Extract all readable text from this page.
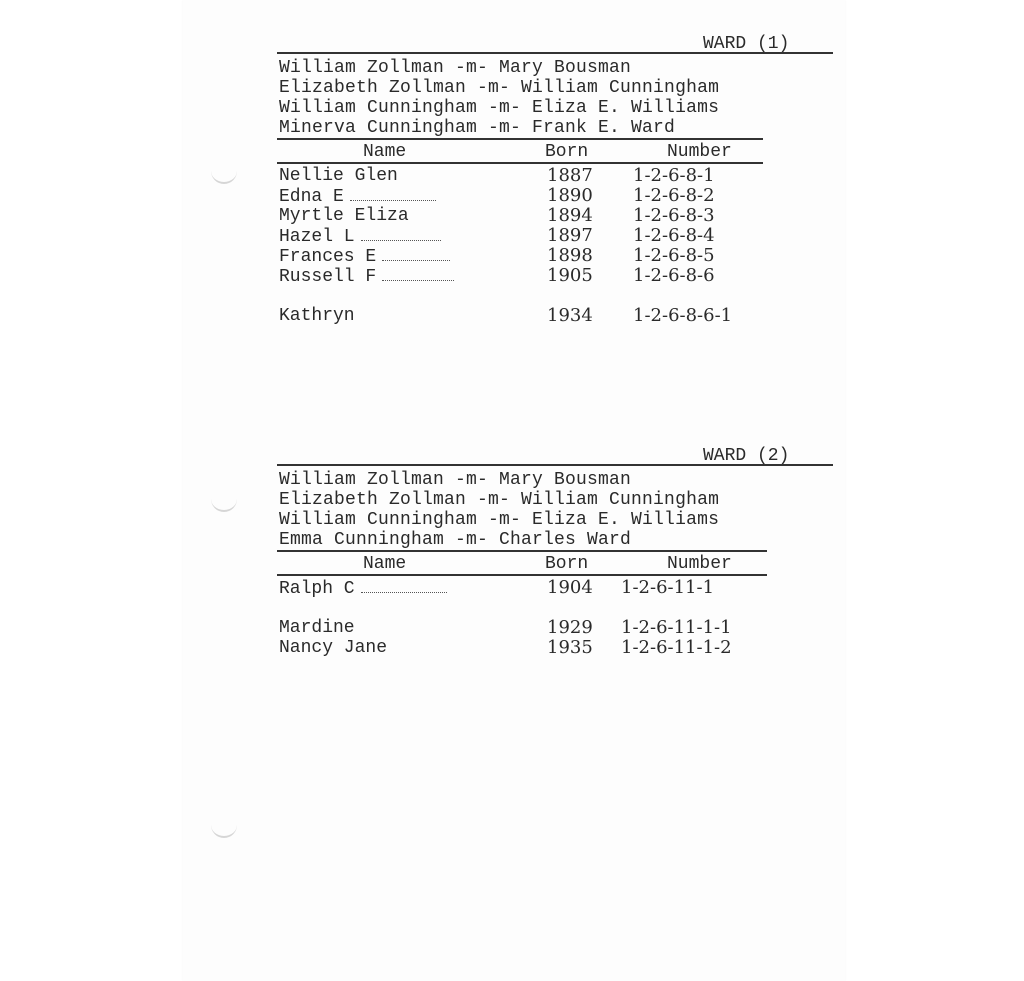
WARD (1)
William Zollman -m- Mary Bousman
Elizabeth Zollman -m- William Cunningham
William Cunningham -m- Eliza E. Williams
Minerva Cunningham -m- Frank E. Ward
Name	Born	Number
Nellie Glen	1887 1-2-6-8-1
Edna E	1890 1-2-6-8-2
Myrtle Eliza	1894 1-2-6-8-3
Hazel L	1897 1-2-6-8-4
Frances E	1898 1-2-6-8-5
Russell F	1905 1-2-6-8-6
Kathryn	1934 1-2-6-8-6-1
WARD (2)
William Zollman -m- Mary Bousman
Elizabeth Zollman -m- William Cunningham
William Cunningham -m- Eliza E. Williams
Emma Cunningham -m- Charles Ward
Name	Born	Number
Ralph C	1904 1-2-6-11-1
Mardine	1929 1-2-6-11-1-1
Nancy Jane	1935 1-2-6-11-1-2
